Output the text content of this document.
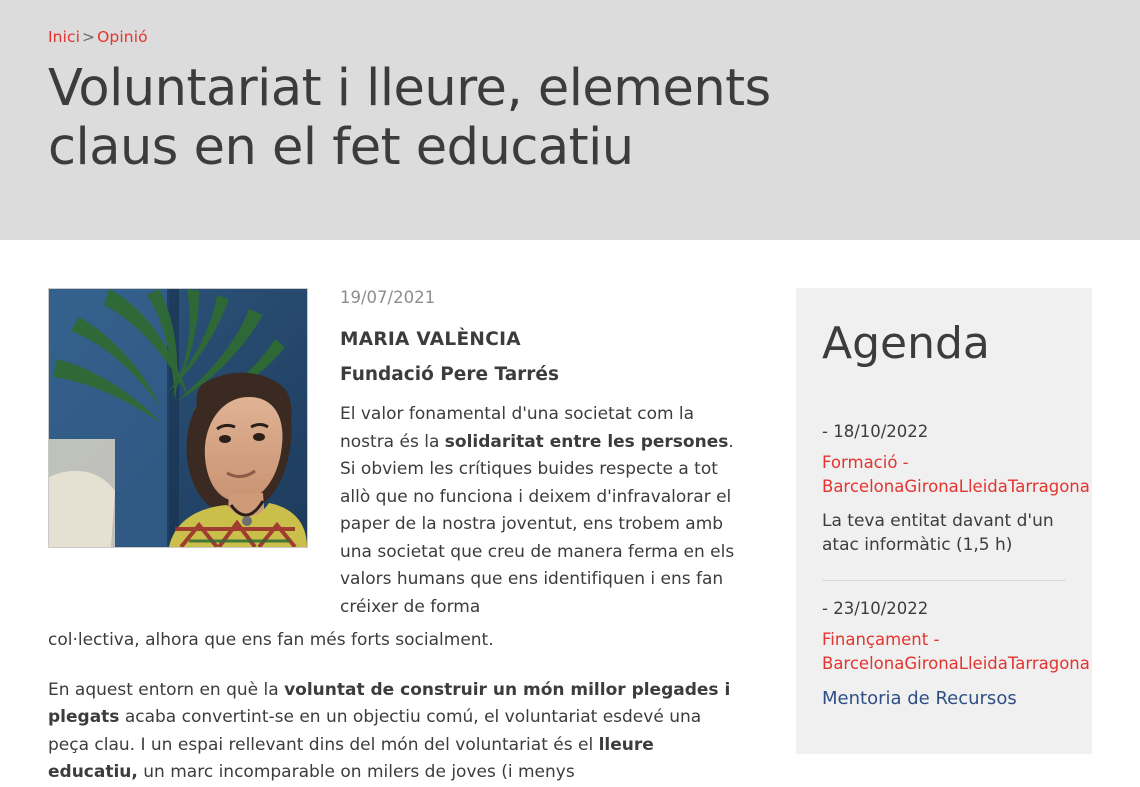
Inici > Opinió
Voluntariat i lleure, elements claus en el fet educatiu

19/07/2021

MARIA VALÈNCIA

Fundació Pere Tarrés

El valor fonamental d'una societat com la nostra és la solidaritat entre les persones. Si obviem les crítiques buides respecte a tot allò que no funciona i deixem d'infravalorar el paper de la nostra joventut, ens trobem amb una societat que creu de manera ferma en els valors humans que ens identifiquen i ens fan créixer de forma

col·lectiva, alhora que ens fan més forts socialment.

En aquest entorn en què la voluntat de construir un món millor plegades i plegats acaba convertint-se en un objectiu comú, el voluntariat esdevé una peça clau. I un espai rellevant dins del món del voluntariat és el lleure educatiu, un marc incomparable on milers de joves (i menys

Agenda

- 18/10/2022

Formació -
BarcelonaGironaLleidaTarragona

La teva entitat davant d'un atac informàtic (1,5 h)

- 23/10/2022

Finançament -
BarcelonaGironaLleidaTarragona

Mentoria de Recursos
